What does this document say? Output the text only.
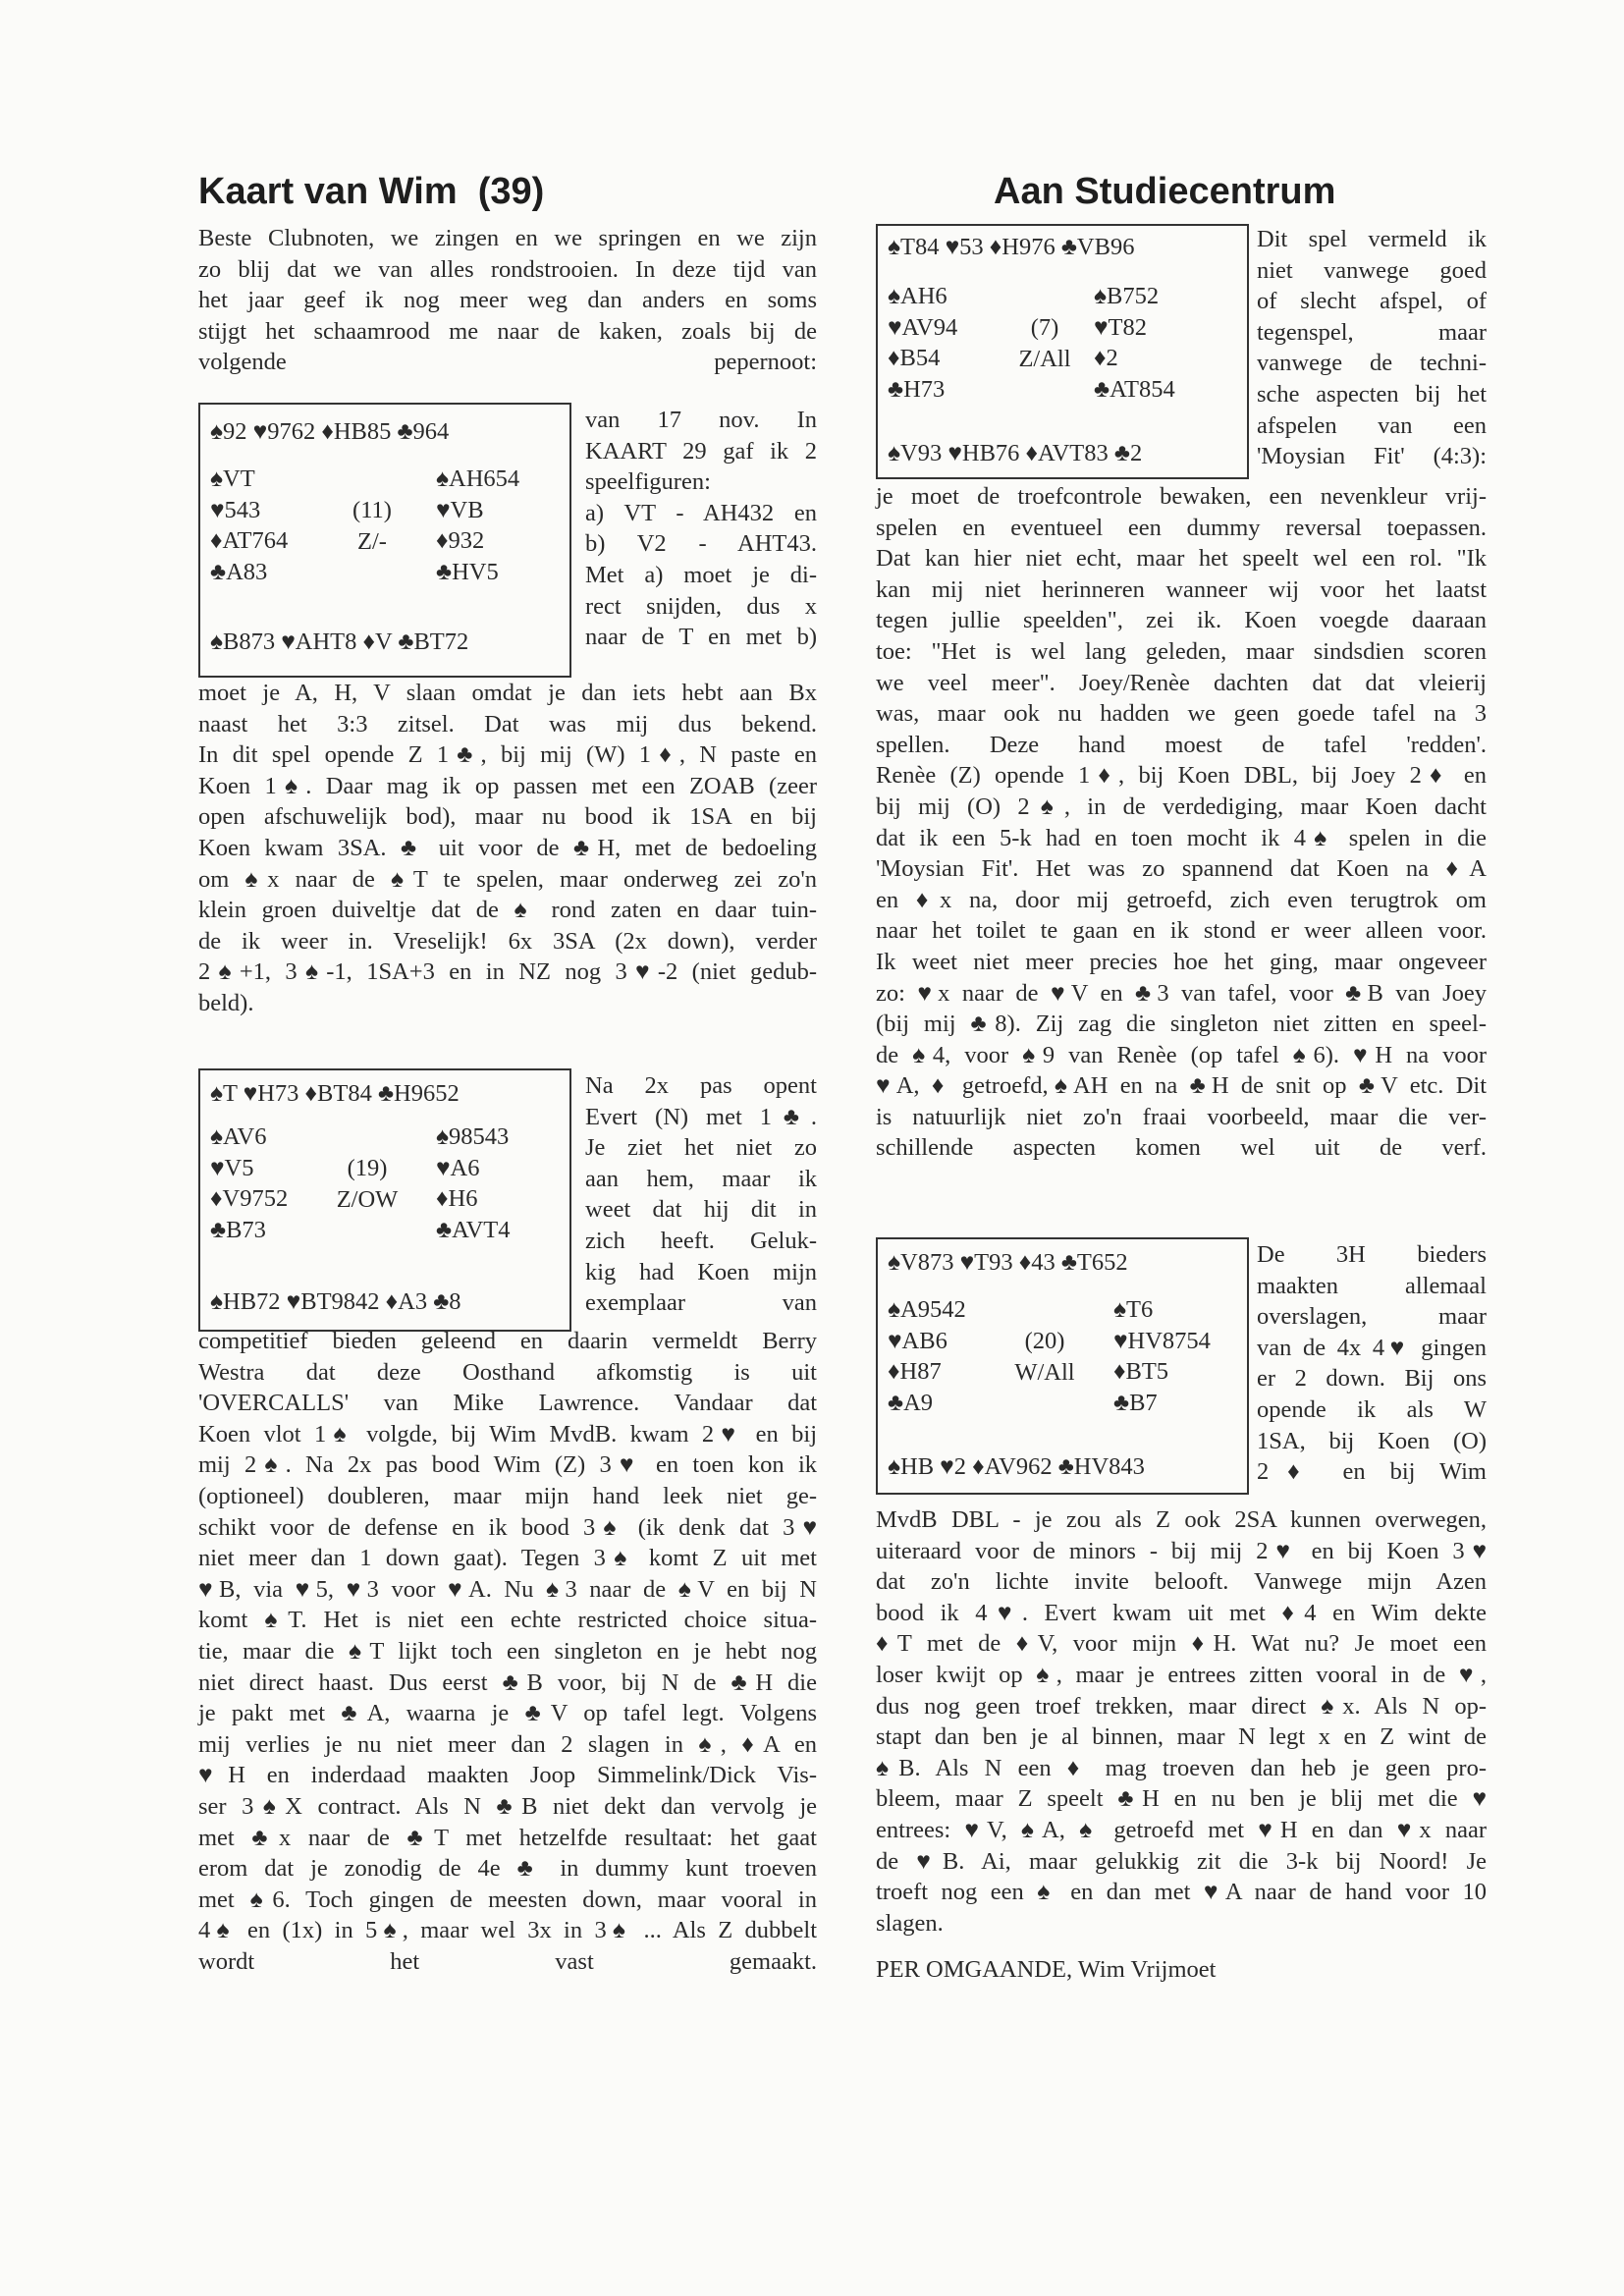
Kaart van Wim  (39)
Beste Clubnoten, we zingen en we springen en we zijn
zo blij dat we van alles rondstrooien. In deze tijd van
het jaar geef ik nog meer weg dan anders en soms
stijgt het schaamrood me naar de kaken, zoals bij de
volgende pepernoot:
♠92 ♥9762 ♦HB85 ♣964
♠VT
♥543
♦AT764
♣A83
(11)
Z/-
♠AH654
♥VB
♦932
♣HV5
♠B873 ♥AHT8 ♦V ♣BT72
van 17 nov. In
KAART 29 gaf ik 2
speelfiguren:
a) VT - AH432 en
b) V2 - AHT43.
Met a) moet je di-
rect snijden, dus x
naar de T en met b)
moet je A, H, V slaan omdat je dan iets hebt aan Bx
naast het 3:3 zitsel. Dat was mij dus bekend.
In dit spel opende Z 1♣, bij mij (W) 1♦, N paste en
Koen 1♠. Daar mag ik op passen met een ZOAB (zeer
open afschuwelijk bod), maar nu bood ik 1SA en bij
Koen kwam 3SA. ♣ uit voor de ♣H, met de bedoeling
om ♠x naar de ♠T te spelen, maar onderweg zei zo'n
klein groen duiveltje dat de ♠ rond zaten en daar tuin-
de ik weer in. Vreselijk! 6x 3SA (2x down), verder
2♠+1, 3♠-1, 1SA+3 en in NZ nog 3♥-2 (niet gedub-
beld).
♠T ♥H73 ♦BT84 ♣H9652
♠AV6
♥V5
♦V9752
♣B73
(19)
Z/OW
♠98543
♥A6
♦H6
♣AVT4
♠HB72 ♥BT9842 ♦A3 ♣8
Na 2x pas opent
Evert (N) met 1♣.
Je ziet het niet zo
aan hem, maar ik
weet dat hij dit in
zich heeft. Geluk-
kig had Koen mijn
exemplaar van
competitief bieden geleend en daarin vermeldt Berry
Westra dat deze Oosthand afkomstig is uit
'OVERCALLS' van Mike Lawrence. Vandaar dat
Koen vlot 1♠ volgde, bij Wim MvdB. kwam 2♥ en bij
mij 2♠. Na 2x pas bood Wim (Z) 3♥ en toen kon ik
(optioneel) doubleren, maar mijn hand leek niet ge-
schikt voor de defense en ik bood 3♠ (ik denk dat 3♥
niet meer dan 1 down gaat). Tegen 3♠ komt Z uit met
♥B, via ♥5, ♥3 voor ♥A. Nu ♠3 naar de ♠V en bij N
komt ♠T. Het is niet een echte restricted choice situa-
tie, maar die ♠T lijkt toch een singleton en je hebt nog
niet direct haast. Dus eerst ♣B voor, bij N de ♣H die
je pakt met ♣A, waarna je ♣V op tafel legt. Volgens
mij verlies je nu niet meer dan 2 slagen in ♠, ♦A en
♥H en inderdaad maakten Joop Simmelink/Dick Vis-
ser 3♠X contract. Als N ♣B niet dekt dan vervolg je
met ♣x naar de ♣T met hetzelfde resultaat: het gaat
erom dat je zonodig de 4e ♣ in dummy kunt troeven
met ♠6. Toch gingen de meesten down, maar vooral in
4♠ en (1x) in 5♠, maar wel 3x in 3♠ ... Als Z dubbelt
wordt het vast gemaakt.
Aan Studiecentrum
♠T84 ♥53 ♦H976 ♣VB96
♠AH6
♥AV94
♦B54
♣H73
(7)
Z/All
♠B752
♥T82
♦2
♣AT854
♠V93 ♥HB76 ♦AVT83 ♣2
Dit spel vermeld ik
niet vanwege goed
of slecht afspel, of
tegenspel, maar
vanwege de techni-
sche aspecten bij het
afspelen van een
'Moysian Fit' (4:3):
je moet de troefcontrole bewaken, een nevenkleur vrij-
spelen en eventueel een dummy reversal toepassen.
Dat kan hier niet echt, maar het speelt wel een rol. "Ik
kan mij niet herinneren wanneer wij voor het laatst
tegen jullie speelden", zei ik. Koen voegde daaraan
toe: "Het is wel lang geleden, maar sindsdien scoren
we veel meer". Joey/Renèe dachten dat dat vleierij
was, maar ook nu hadden we geen goede tafel na 3
spellen. Deze hand moest de tafel 'redden'.
Renèe (Z) opende 1♦, bij Koen DBL, bij Joey 2♦ en
bij mij (O) 2♠, in de verdediging, maar Koen dacht
dat ik een 5-k had en toen mocht ik 4♠ spelen in die
'Moysian Fit'. Het was zo spannend dat Koen na ♦A
en ♦x na, door mij getroefd, zich even terugtrok om
naar het toilet te gaan en ik stond er weer alleen voor.
Ik weet niet meer precies hoe het ging, maar ongeveer
zo: ♥x naar de ♥V en ♣3 van tafel, voor ♣B van Joey
(bij mij ♣8). Zij zag die singleton niet zitten en speel-
de ♠4, voor ♠9 van Renèe (op tafel ♠6). ♥H na voor
♥A, ♦ getroefd,♠AH en na ♣H de snit op ♣V etc. Dit
is natuurlijk niet zo'n fraai voorbeeld, maar die ver-
schillende aspecten komen wel uit de verf.
♠V873 ♥T93 ♦43 ♣T652
♠A9542
♥AB6
♦H87
♣A9
(20)
W/All
♠T6
♥HV8754
♦BT5
♣B7
♠HB ♥2 ♦AV962 ♣HV843
De 3H bieders
maakten allemaal
overslagen, maar
van de 4x 4♥ gingen
er 2 down. Bij ons
opende ik als W
1SA, bij Koen (O)
2♦ en bij Wim
MvdB DBL - je zou als Z ook 2SA kunnen overwegen,
uiteraard voor de minors - bij mij 2♥ en bij Koen 3♥
dat zo'n lichte invite belooft. Vanwege mijn Azen
bood ik 4♥. Evert kwam uit met ♦4 en Wim dekte
♦T met de ♦V, voor mijn ♦H. Wat nu? Je moet een
loser kwijt op ♠, maar je entrees zitten vooral in de ♥,
dus nog geen troef trekken, maar direct ♠x. Als N op-
stapt dan ben je al binnen, maar N legt x en Z wint de
♠B. Als N een ♦ mag troeven dan heb je geen pro-
bleem, maar Z speelt ♣H en nu ben je blij met die ♥
entrees: ♥V, ♠A, ♠ getroefd met ♥H en dan ♥x naar
de ♥B. Ai, maar gelukkig zit die 3-k bij Noord! Je
troeft nog een ♠ en dan met ♥A naar de hand voor 10
slagen.
PER OMGAANDE, Wim Vrijmoet
